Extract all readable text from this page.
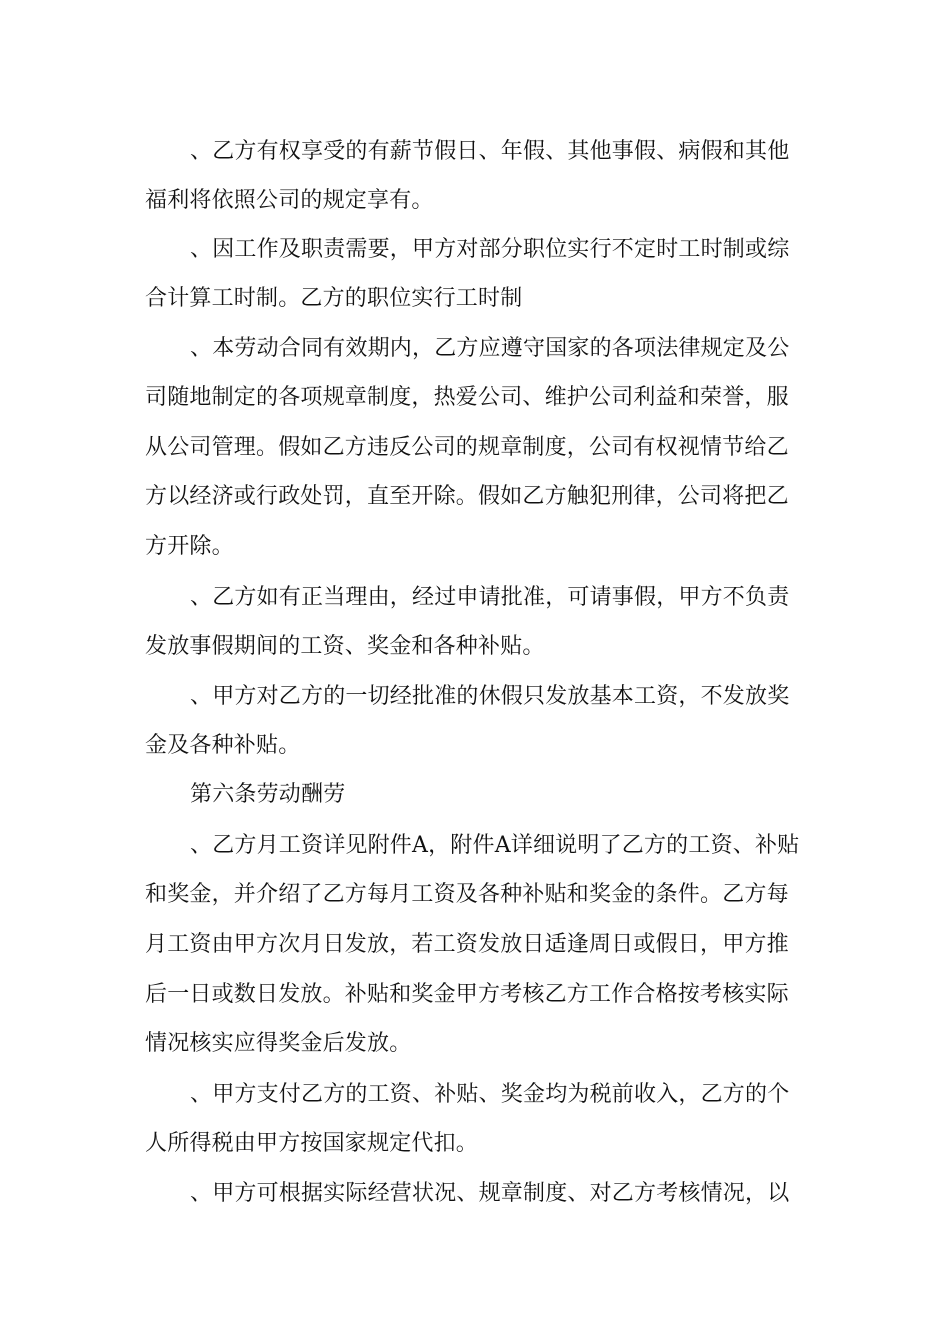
、乙方有权享受的有薪节假日、年假、其他事假、病假和其他
福利将依照公司的规定享有。
、因工作及职责需要，甲方对部分职位实行不定时工时制或综
合计算工时制。乙方的职位实行工时制
、本劳动合同有效期内，乙方应遵守国家的各项法律规定及公
司随地制定的各项规章制度，热爱公司、维护公司利益和荣誉，服
从公司管理。假如乙方违反公司的规章制度，公司有权视情节给乙
方以经济或行政处罚，直至开除。假如乙方触犯刑律，公司将把乙
方开除。
、乙方如有正当理由，经过申请批准，可请事假，甲方不负责
发放事假期间的工资、奖金和各种补贴。
、甲方对乙方的一切经批准的休假只发放基本工资，不发放奖
金及各种补贴。
第六条劳动酬劳
、乙方月工资详见附件A，附件A详细说明了乙方的工资、补贴
和奖金，并介绍了乙方每月工资及各种补贴和奖金的条件。乙方每
月工资由甲方次月日发放，若工资发放日适逢周日或假日，甲方推
后一日或数日发放。补贴和奖金甲方考核乙方工作合格按考核实际
情况核实应得奖金后发放。
、甲方支付乙方的工资、补贴、奖金均为税前收入，乙方的个
人所得税由甲方按国家规定代扣。
、甲方可根据实际经营状况、规章制度、对乙方考核情况，以
